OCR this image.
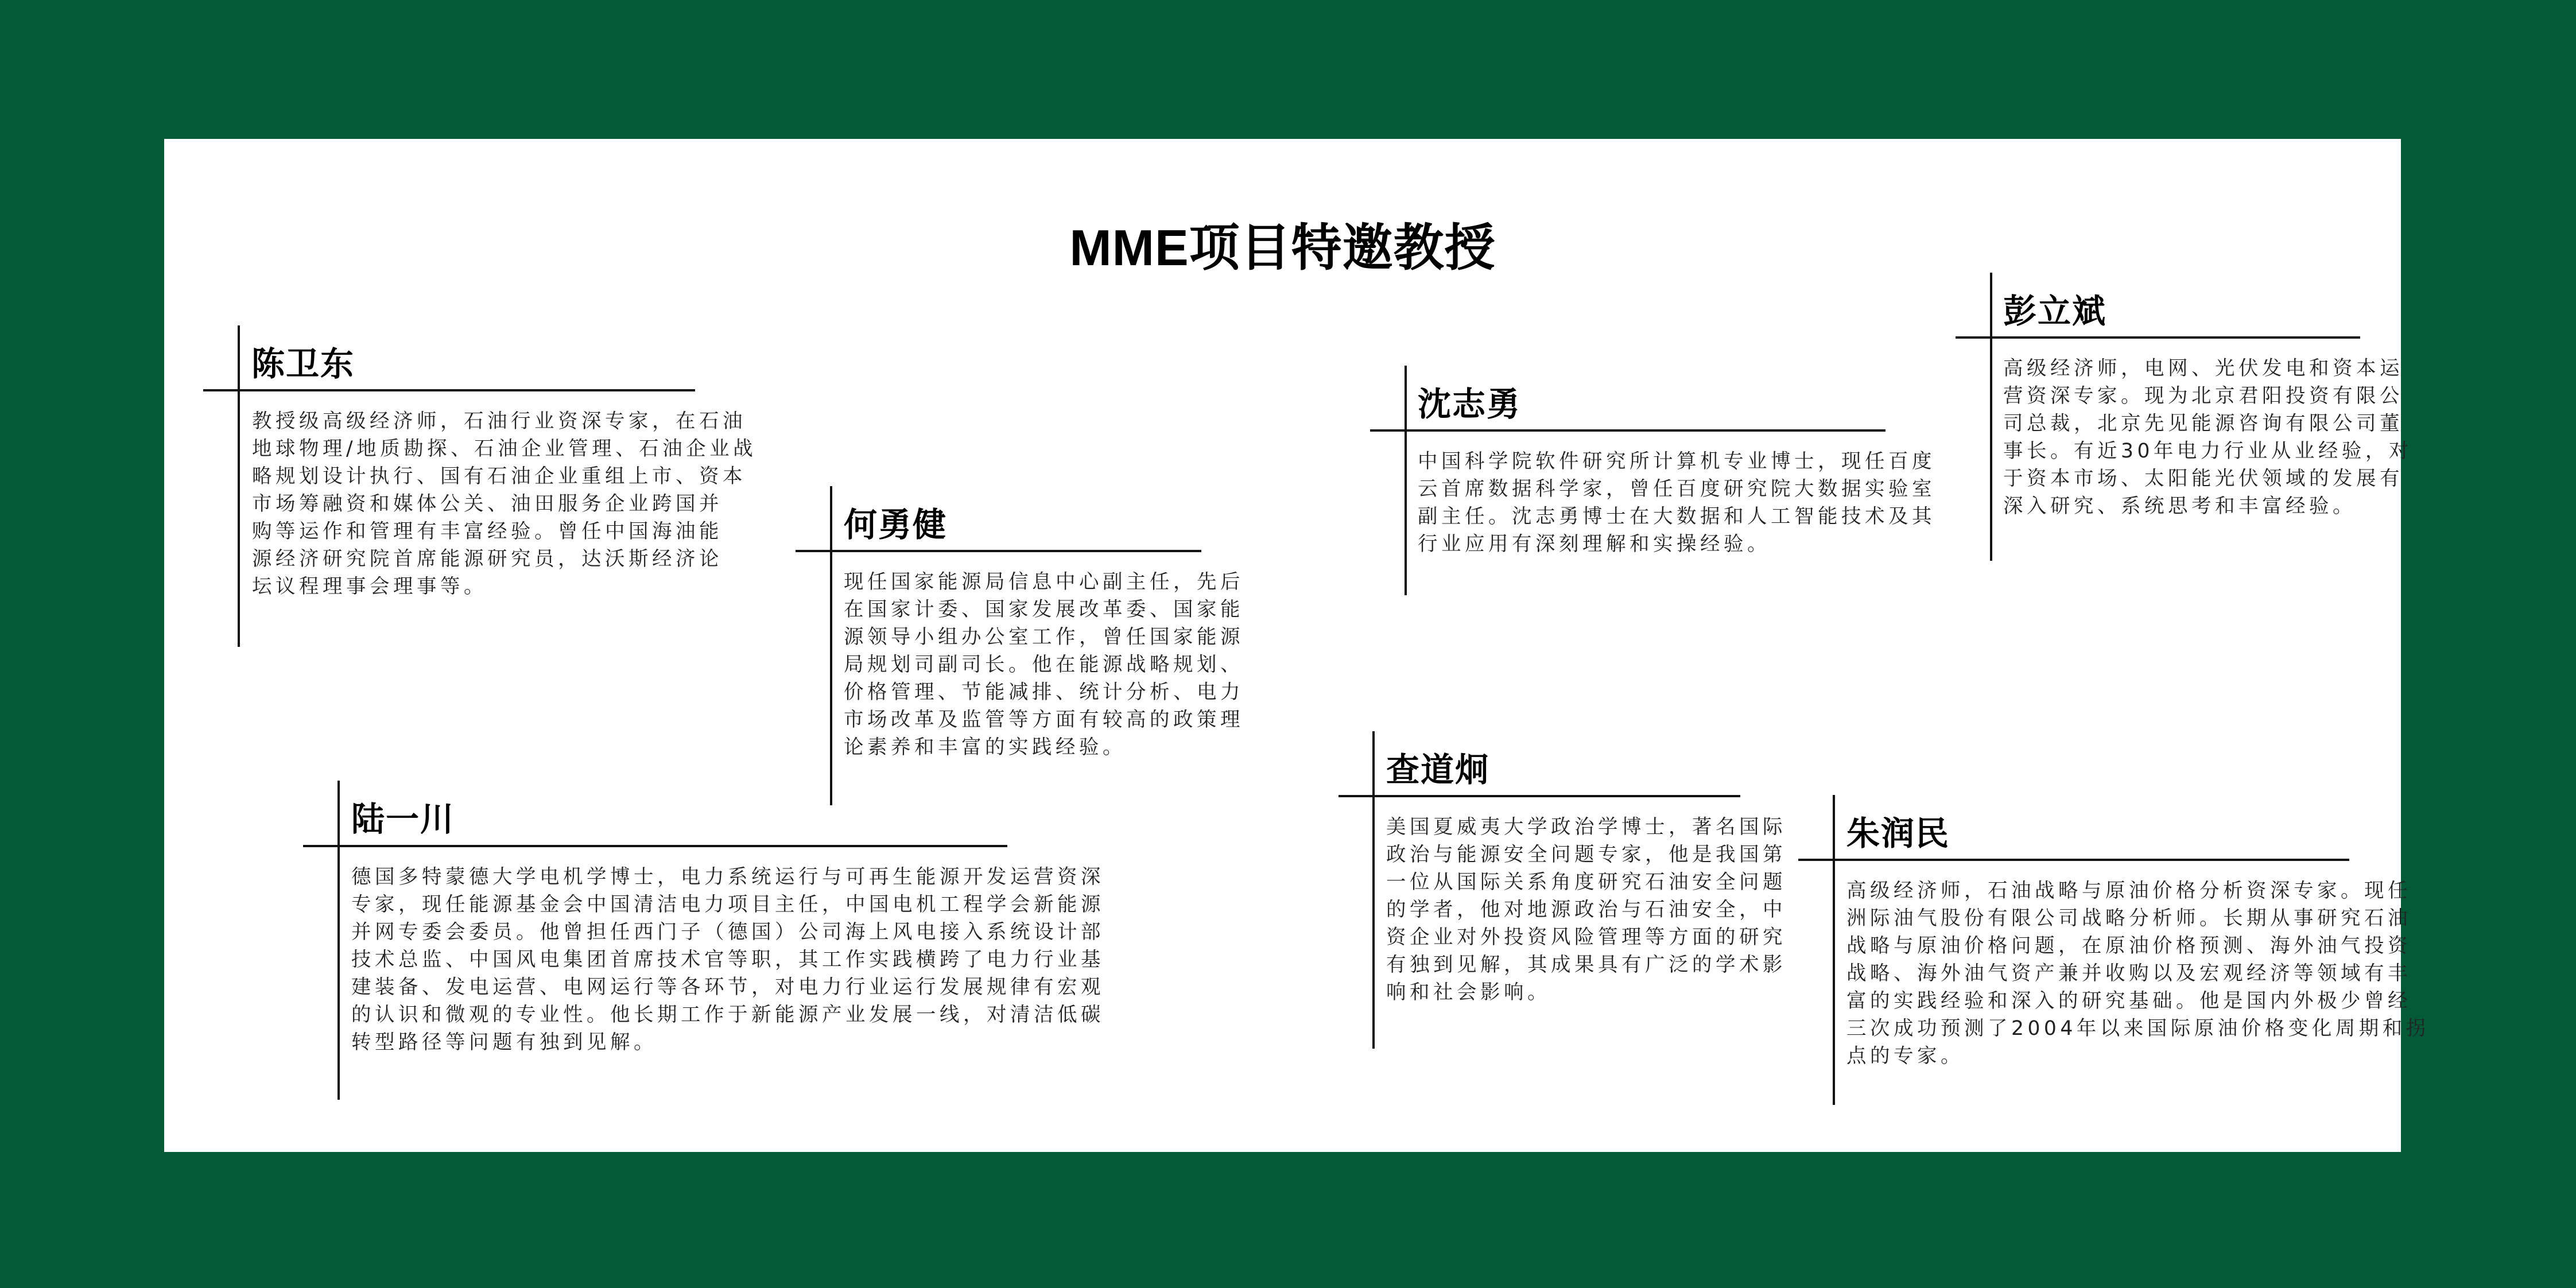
MME项目特邀教授
陈卫东
教授级高级经济师，石油行业资深专家，在石油
地球物理/地质勘探、石油企业管理、石油企业战
略规划设计执行、国有石油企业重组上市、资本
市场筹融资和媒体公关、油田服务企业跨国并
购等运作和管理有丰富经验。曾任中国海油能
源经济研究院首席能源研究员，达沃斯经济论
坛议程理事会理事等。
何勇健
现任国家能源局信息中心副主任，先后
在国家计委、国家发展改革委、国家能
源领导小组办公室工作，曾任国家能源
局规划司副司长。他在能源战略规划、
价格管理、节能减排、统计分析、电力
市场改革及监管等方面有较高的政策理
论素养和丰富的实践经验。
陆一川
德国多特蒙德大学电机学博士，电力系统运行与可再生能源开发运营资深
专家，现任能源基金会中国清洁电力项目主任，中国电机工程学会新能源
并网专委会委员。他曾担任西门子（德国）公司海上风电接入系统设计部
技术总监、中国风电集团首席技术官等职，其工作实践横跨了电力行业基
建装备、发电运营、电网运行等各环节，对电力行业运行发展规律有宏观
的认识和微观的专业性。他长期工作于新能源产业发展一线，对清洁低碳
转型路径等问题有独到见解。
沈志勇
中国科学院软件研究所计算机专业博士，现任百度
云首席数据科学家，曾任百度研究院大数据实验室
副主任。沈志勇博士在大数据和人工智能技术及其
行业应用有深刻理解和实操经验。
彭立斌
高级经济师，电网、光伏发电和资本运
营资深专家。现为北京君阳投资有限公
司总裁，北京先见能源咨询有限公司董
事长。有近30年电力行业从业经验，对
于资本市场、太阳能光伏领域的发展有
深入研究、系统思考和丰富经验。
查道炯
美国夏威夷大学政治学博士，著名国际
政治与能源安全问题专家，他是我国第
一位从国际关系角度研究石油安全问题
的学者，他对地源政治与石油安全，中
资企业对外投资风险管理等方面的研究
有独到见解，其成果具有广泛的学术影
响和社会影响。
朱润民
高级经济师，石油战略与原油价格分析资深专家。现任
洲际油气股份有限公司战略分析师。长期从事研究石油
战略与原油价格问题，在原油价格预测、海外油气投资
战略、海外油气资产兼并收购以及宏观经济等领域有丰
富的实践经验和深入的研究基础。他是国内外极少曾经
三次成功预测了2004年以来国际原油价格变化周期和拐
点的专家。
